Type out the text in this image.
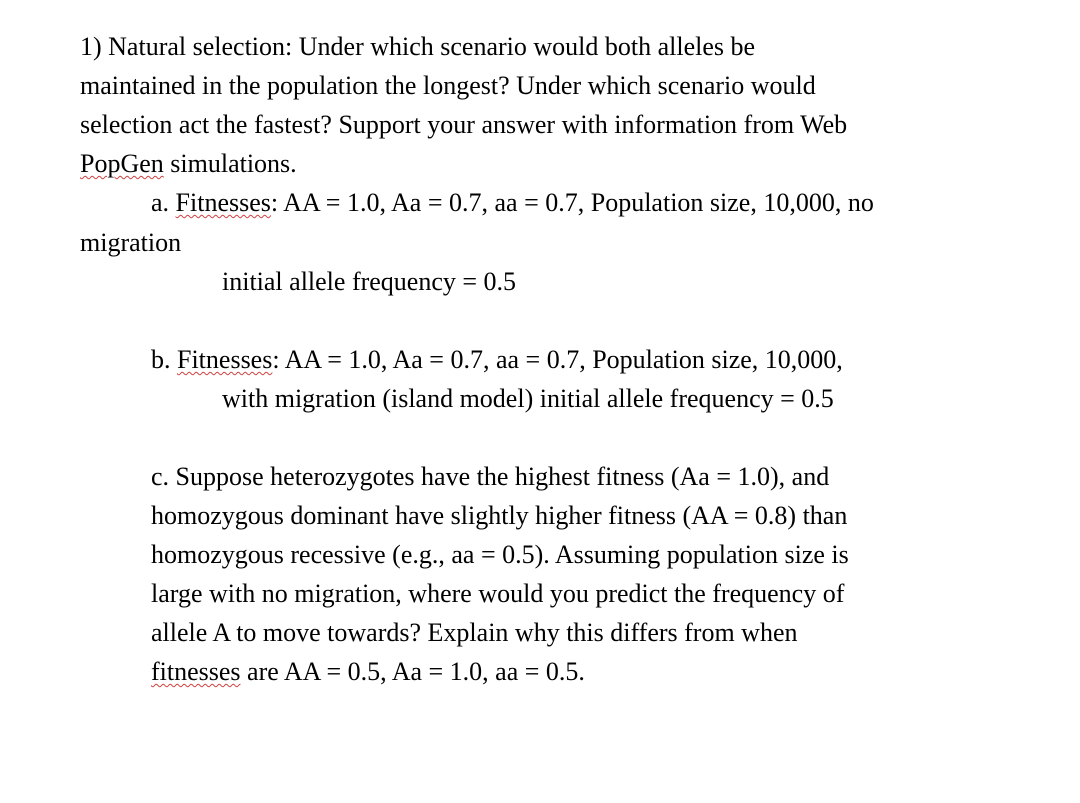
1) Natural selection: Under which scenario would both alleles be
maintained in the population the longest? Under which scenario would
selection act the fastest? Support your answer with information from Web
PopGen simulations.
a. Fitnesses: AA = 1.0, Aa = 0.7, aa = 0.7, Population size, 10,000, no
migration
initial allele frequency = 0.5
b. Fitnesses: AA = 1.0, Aa = 0.7, aa = 0.7, Population size, 10,000,
with migration (island model) initial allele frequency = 0.5
c. Suppose heterozygotes have the highest fitness (Aa = 1.0), and
homozygous dominant have slightly higher fitness (AA = 0.8) than
homozygous recessive (e.g., aa = 0.5). Assuming population size is
large with no migration, where would you predict the frequency of
allele A to move towards? Explain why this differs from when
fitnesses are AA = 0.5, Aa = 1.0, aa = 0.5.
